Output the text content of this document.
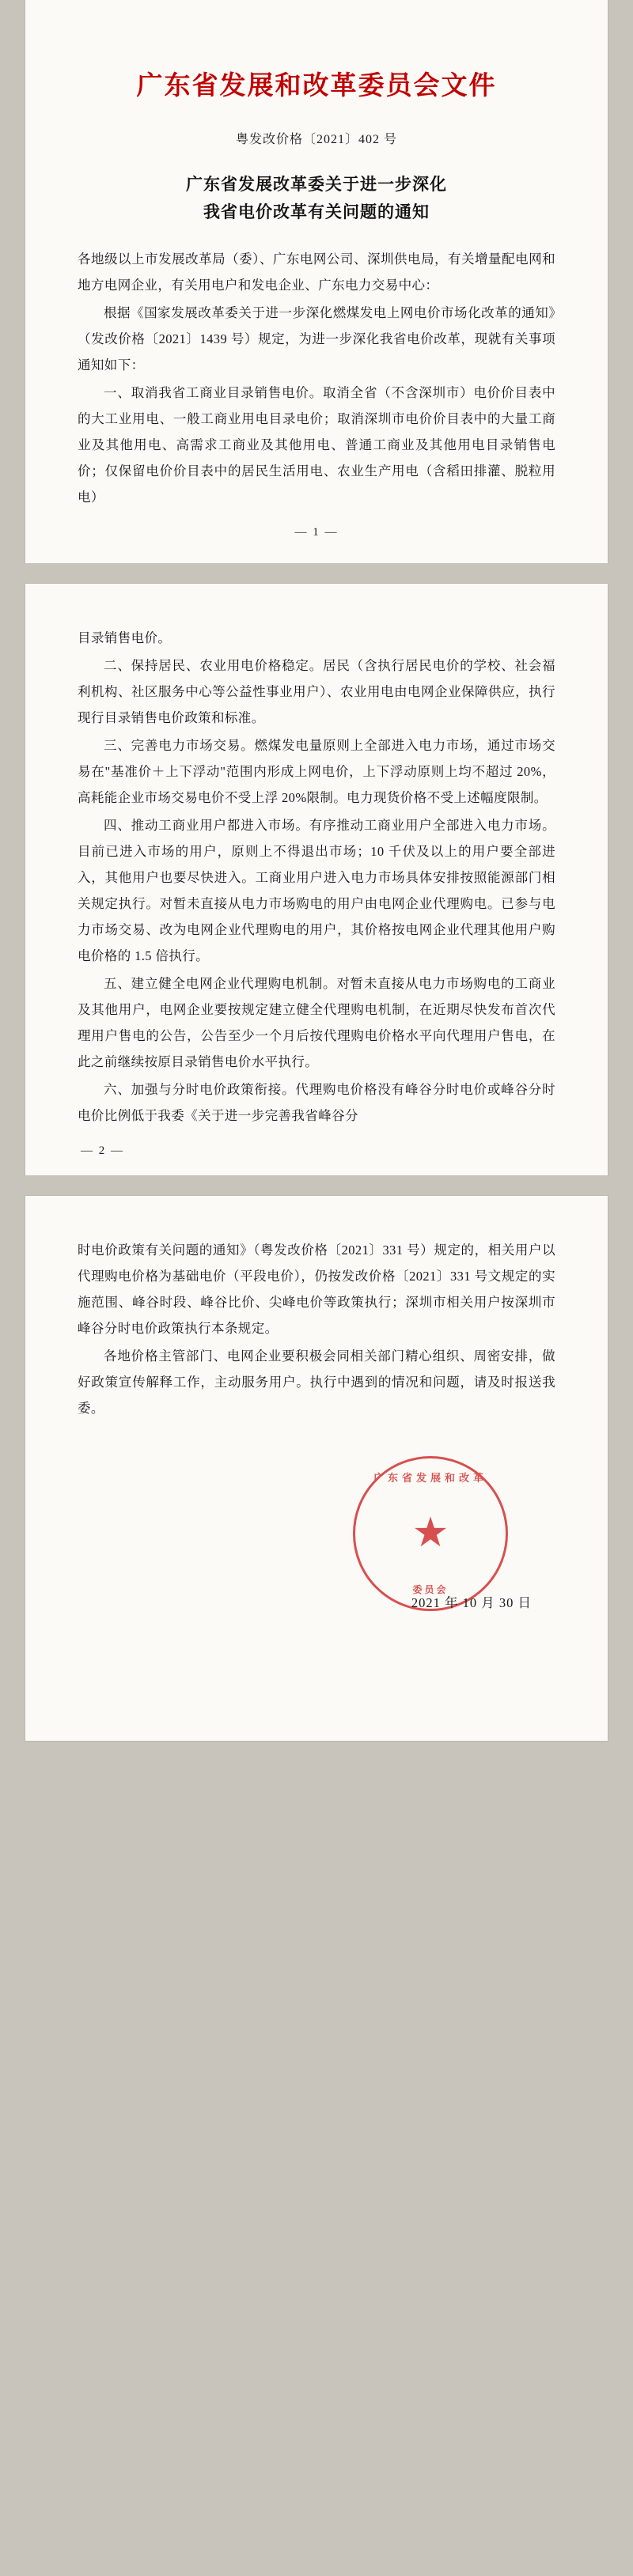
广东省发展和改革委员会文件
粤发改价格〔2021〕402 号
广东省发展改革委关于进一步深化
我省电价改革有关问题的通知

各地级以上市发展改革局（委）、广东电网公司、深圳供电局，有关增量配电网和地方电网企业，有关用电户和发电企业、广东电力交易中心：

根据《国家发展改革委关于进一步深化燃煤发电上网电价市场化改革的通知》（发改价格〔2021〕1439 号）规定，为进一步深化我省电价改革，现就有关事项通知如下：

一、取消我省工商业目录销售电价。取消全省（不含深圳市）电价价目表中的大工业用电、一般工商业用电目录电价；取消深圳市电价价目表中的大量工商业及其他用电、高需求工商业及其他用电、普通工商业及其他用电目录销售电价；仅保留电价价目表中的居民生活用电、农业生产用电（含稻田排灌、脱粒用电）

— 1 —

目录销售电价。

二、保持居民、农业用电价格稳定。居民（含执行居民电价的学校、社会福利机构、社区服务中心等公益性事业用户）、农业用电由电网企业保障供应，执行现行目录销售电价政策和标准。

三、完善电力市场交易。燃煤发电量原则上全部进入电力市场，通过市场交易在"基准价＋上下浮动"范围内形成上网电价，上下浮动原则上均不超过 20%，高耗能企业市场交易电价不受上浮 20%限制。电力现货价格不受上述幅度限制。

四、推动工商业用户都进入市场。有序推动工商业用户全部进入电力市场。目前已进入市场的用户，原则上不得退出市场；10 千伏及以上的用户要全部进入，其他用户也要尽快进入。工商业用户进入电力市场具体安排按照能源部门相关规定执行。对暂未直接从电力市场购电的用户由电网企业代理购电。已参与电力市场交易、改为电网企业代理购电的用户，其价格按电网企业代理其他用户购电价格的 1.5 倍执行。

五、建立健全电网企业代理购电机制。对暂未直接从电力市场购电的工商业及其他用户，电网企业要按规定建立健全代理购电机制，在近期尽快发布首次代理用户售电的公告，公告至少一个月后按代理购电价格水平向代理用户售电，在此之前继续按原目录销售电价水平执行。

六、加强与分时电价政策衔接。代理购电价格没有峰谷分时电价或峰谷分时电价比例低于我委《关于进一步完善我省峰谷分

— 2 —

时电价政策有关问题的通知》（粤发改价格〔2021〕331 号）规定的，相关用户以代理购电价格为基础电价（平段电价），仍按发改价格〔2021〕331 号文规定的实施范围、峰谷时段、峰谷比价、尖峰电价等政策执行；深圳市相关用户按深圳市峰谷分时电价政策执行本条规定。

各地价格主管部门、电网企业要积极会同相关部门精心组织、周密安排，做好政策宣传解释工作，主动服务用户。执行中遇到的情况和问题，请及时报送我委。

广东省发展和改革
★
委员会
2021 年 10 月 30 日
